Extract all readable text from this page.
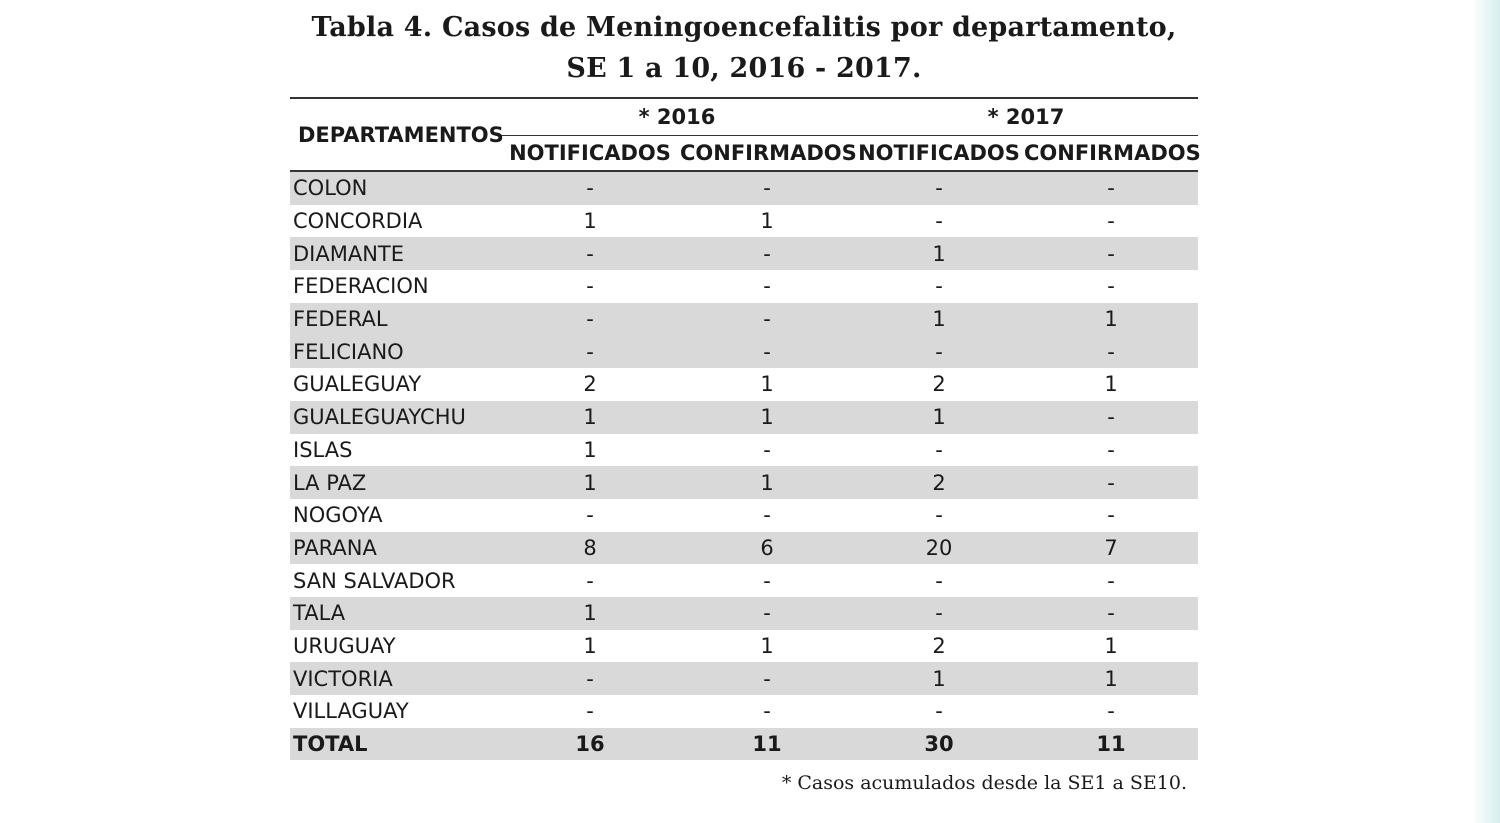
Tabla 4. Casos de Meningoencefalitis por departamento,
SE 1 a 10, 2016 - 2017.
DEPARTAMENTOS	* 2016		* 2017	
	NOTIFICADOS	CONFIRMADOS	NOTIFICADOS	CONFIRMADOS
COLON	-	-	-	-
CONCORDIA	1	1	-	-
DIAMANTE	-	-	1	-
FEDERACION	-	-	-	-
FEDERAL	-	-	1	1
FELICIANO	-	-	-	-
GUALEGUAY	2	1	2	1
GUALEGUAYCHU	1	1	1	-
ISLAS	1	-	-	-
LA PAZ	1	1	2	-
NOGOYA	-	-	-	-
PARANA	8	6	20	7
SAN SALVADOR	-	-	-	-
TALA	1	-	-	-
URUGUAY	1	1	2	1
VICTORIA	-	-	1	1
VILLAGUAY	-	-	-	-
TOTAL	16	11	30	11
* Casos acumulados desde la SE1 a SE10.
